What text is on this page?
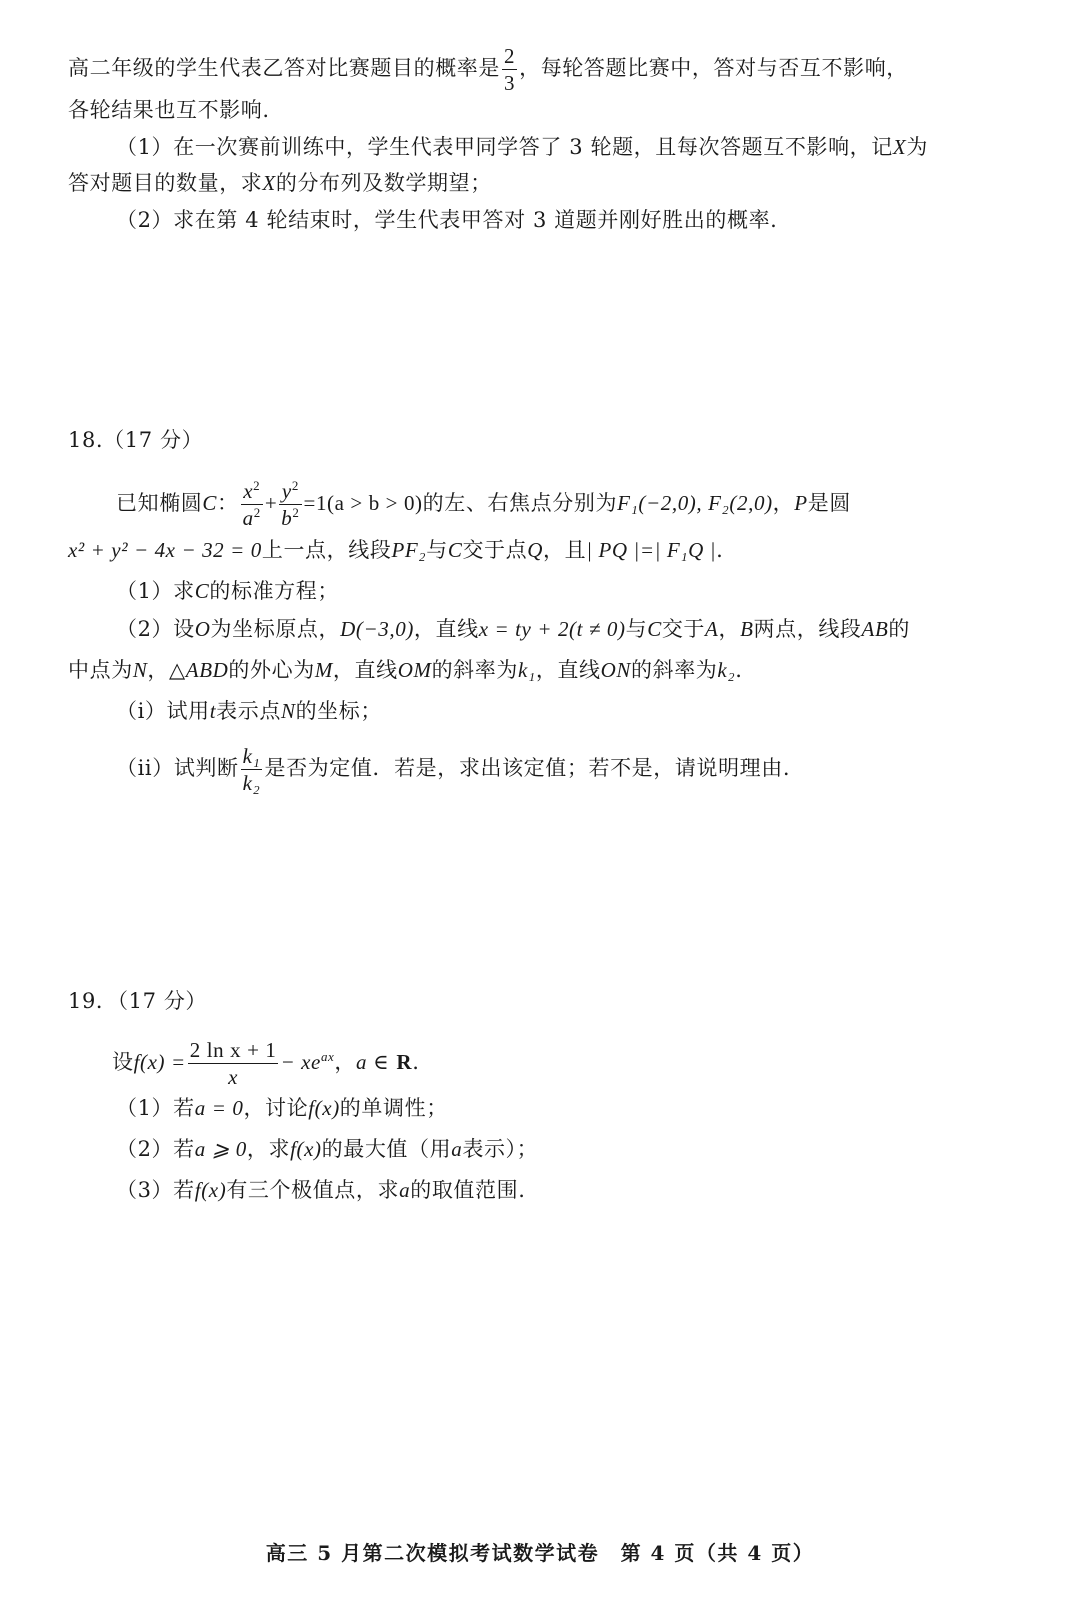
高二年级的学生代表乙答对比赛题目的概率是 $\frac{2}{3}$ ，每轮答题比赛中，答对与否互不影响，
各轮结果也互不影响.
（1）在一次赛前训练中，学生代表甲同学答了 3 轮题，且每次答题互不影响，记X为
答对题目的数量，求X的分布列及数学期望；
（2）求在第 4 轮结束时，学生代表甲答对 3 道题并刚好胜出的概率.
18.（17 分）
已知椭圆C： $\frac{x^2}{a^2} + \frac{y^2}{b^2} =1(a > b > 0)$的左、右焦点分别为F₁(−2,0), F₂(2,0)，P是圆
x² + y² − 4x − 32 = 0上一点，线段PF₂与C交于点Q，且| PQ |=| F₁Q |.
（1）求C的标准方程；
（2）设O为坐标原点，D(−3,0)，直线x = ty + 2(t ≠ 0)与C交于A，B两点，线段AB的
中点为N，△ABD的外心为M，直线OM的斜率为k₁，直线ON的斜率为k₂.
（i）试用t表示点N的坐标；
（ii）试判断 $\frac{\text{k₁}}{\text{k₂}}$ 是否为定值．若是，求出该定值；若不是，请说明理由.
19．（17 分）
设$f(x) = \frac{\text{2 ln x + 1}}{x} - xe^{ax}$，a ∈ R.
（1）若a = 0，讨论f(x)的单调性；
（2）若a ⩾ 0，求f(x)的最大值（用a表示）；
（3）若f(x)有三个极值点，求a的取值范围.
高三 5 月第二次模拟考试数学试卷　第 4 页（共 4 页）
